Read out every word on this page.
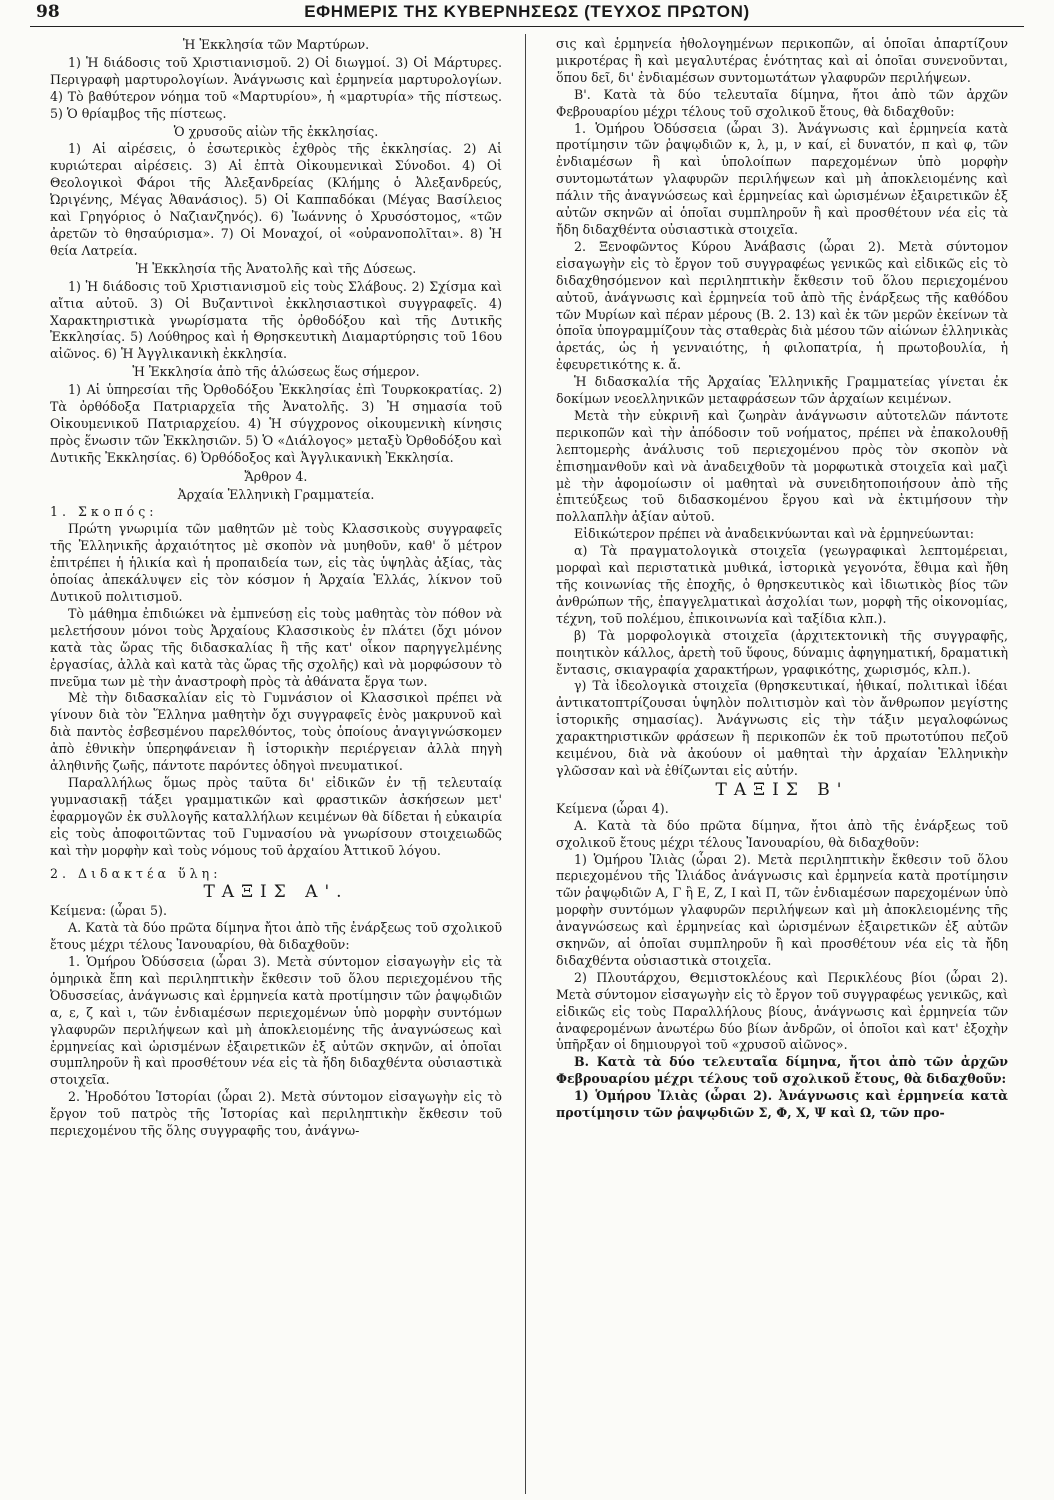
98	ΕΦΗΜΕΡΙΣ ΤΗΣ ΚΥΒΕΡΝΗΣΕΩΣ (ΤΕΥΧΟΣ ΠΡΩΤΟΝ)
Ἡ Ἐκκλησία τῶν Μαρτύρων.

1) Ἡ διάδοσις τοῦ Χριστιανισμοῦ. 2) Οἱ διωγμοί. 3) Οἱ Μάρτυρες. Περιγραφὴ μαρτυρολογίων. Ἀνάγνωσις καὶ ἑρμηνεία μαρτυρολογίων. 4) Τὸ βαθύτερον νόημα τοῦ «Μαρτυρίου», ἡ «μαρτυρία» τῆς πίστεως. 5) Ὁ θρίαμβος τῆς πίστεως.

Ὁ χρυσοῦς αἰὼν τῆς ἐκκλησίας.

1) Αἱ αἱρέσεις, ὁ ἐσωτερικὸς ἐχθρὸς τῆς ἐκκλησίας. 2) Αἱ κυριώτεραι αἱρέσεις. 3) Αἱ ἑπτὰ Οἰκουμενικαὶ Σύνοδοι. 4) Οἱ Θεολογικοὶ Φάροι τῆς Ἀλεξανδρείας (Κλήμης ὁ Ἀλεξανδρεύς, Ὠριγένης, Μέγας Ἀθανάσιος). 5) Οἱ Καππαδόκαι (Μέγας Βασίλειος καὶ Γρηγόριος ὁ Ναζιανζηνός). 6) Ἰωάννης ὁ Χρυσόστομος, «τῶν ἀρετῶν τὸ θησαύρισμα». 7) Οἱ Μοναχοί, οἱ «οὐρανοπολῖται». 8) Ἡ θεία Λατρεία.

Ἡ Ἐκκλησία τῆς Ἀνατολῆς καὶ τῆς Δύσεως.

1) Ἡ διάδοσις τοῦ Χριστιανισμοῦ εἰς τοὺς Σλάβους. 2) Σχίσμα καὶ αἴτια αὐτοῦ. 3) Οἱ Βυζαντινοὶ ἐκκλησιαστικοὶ συγγραφεῖς. 4) Χαρακτηριστικὰ γνωρίσματα τῆς ὀρθοδόξου καὶ τῆς Δυτικῆς Ἐκκλησίας. 5) Λούθηρος καὶ ἡ Θρησκευτικὴ Διαμαρτύρησις τοῦ 16ου αἰῶνος. 6) Ἡ Ἀγγλικανικὴ ἐκκλησία.

Ἡ Ἐκκλησία ἀπὸ τῆς ἁλώσεως ἕως σήμερον.

1) Αἱ ὑπηρεσίαι τῆς Ὀρθοδόξου Ἐκκλησίας ἐπὶ Τουρκοκρατίας. 2) Τὰ ὀρθόδοξα Πατριαρχεῖα τῆς Ἀνατολῆς. 3) Ἡ σημασία τοῦ Οἰκουμενικοῦ Πατριαρχείου. 4) Ἡ σύγχρονος οἰκουμενικὴ κίνησις πρὸς ἕνωσιν τῶν Ἐκκλησιῶν. 5) Ὁ «Διάλογος» μεταξὺ Ὀρθοδόξου καὶ Δυτικῆς Ἐκκλησίας. 6) Ὀρθόδοξος καὶ Ἀγγλικανικὴ Ἐκκλησία.

Ἄρθρον 4.
Ἀρχαία Ἑλληνικὴ Γραμματεία.
1. Σκοπός:

Πρώτη γνωριμία τῶν μαθητῶν μὲ τοὺς Κλασσικοὺς συγγραφεῖς τῆς Ἑλληνικῆς ἀρχαιότητος μὲ σκοπὸν νὰ μυηθοῦν, καθ' ὅ μέτρον ἐπιτρέπει ἡ ἡλικία καὶ ἡ προπαιδεία των, εἰς τὰς ὑψηλὰς ἀξίας, τὰς ὁποίας ἀπεκάλυψεν εἰς τὸν κόσμον ἡ Ἀρχαία Ἑλλάς, λίκνον τοῦ Δυτικοῦ πολιτισμοῦ.

Τὸ μάθημα ἐπιδιώκει νὰ ἐμπνεύσῃ εἰς τοὺς μαθητὰς τὸν πόθον νὰ μελετήσουν μόνοι τοὺς Ἀρχαίους Κλασσικοὺς ἐν πλάτει (ὄχι μόνον κατὰ τὰς ὥρας τῆς διδασκαλίας ἢ τῆς κατ' οἶκον παρηγγελμένης ἐργασίας, ἀλλὰ καὶ κατὰ τὰς ὥρας τῆς σχολῆς) καὶ νὰ μορφώσουν τὸ πνεῦμα των μὲ τὴν ἀναστροφὴ πρὸς τὰ ἀθάνατα ἔργα των.

Μὲ τὴν διδασκαλίαν εἰς τὸ Γυμνάσιον οἱ Κλασσικοὶ πρέπει νὰ γίνουν διὰ τὸν Ἕλληνα μαθητὴν ὄχι συγγραφεῖς ἑνὸς μακρυνοῦ καὶ διὰ παντὸς ἐσβεσμένου παρελθόντος, τοὺς ὁποίους ἀναγιγνώσκομεν ἀπὸ ἐθνικὴν ὑπερηφάνειαν ἢ ἱστορικὴν περιέργειαν ἀλλὰ πηγὴ ἀληθινῆς ζωῆς, πάντοτε παρόντες ὁδηγοὶ πνευματικοί.

Παραλλήλως ὅμως πρὸς ταῦτα δι' εἰδικῶν ἐν τῇ τελευταίᾳ γυμνασιακῇ τάξει γραμματικῶν καὶ φραστικῶν ἀσκήσεων μετ' ἐφαρμογῶν ἐκ συλλογῆς καταλλήλων κειμένων θὰ δίδεται ἡ εὐκαιρία εἰς τοὺς ἀποφοιτῶντας τοῦ Γυμνασίου νὰ γνωρίσουν στοιχειωδῶς καὶ τὴν μορφὴν καὶ τοὺς νόμους τοῦ ἀρχαίου Ἀττικοῦ λόγου.

2. Διδακτέα ὕλη:
ΤΑΞΙΣ Α'.

Κείμενα: (ὧραι 5).

Α. Κατὰ τὰ δύο πρῶτα δίμηνα ἤτοι ἀπὸ τῆς ἐνάρξεως τοῦ σχολικοῦ ἔτους μέχρι τέλους Ἰανουαρίου, θὰ διδαχθοῦν:

1. Ὁμήρου Ὀδύσσεια (ὧραι 3). Μετὰ σύντομον εἰσαγωγὴν εἰς τὰ ὁμηρικὰ ἔπη καὶ περιληπτικὴν ἔκθεσιν τοῦ ὅλου περιεχομένου τῆς Ὀδυσσείας, ἀνάγνωσις καὶ ἑρμηνεία κατὰ προτίμησιν τῶν ῥαψῳδιῶν α, ε, ζ καὶ ι, τῶν ἐνδιαμέσων περιεχομένων ὑπὸ μορφὴν συντόμων γλαφυρῶν περιλήψεων καὶ μὴ ἀποκλειομένης τῆς ἀναγνώσεως καὶ ἑρμηνείας καὶ ὡρισμένων ἐξαιρετικῶν ἐξ αὐτῶν σκηνῶν, αἱ ὁποῖαι συμπληροῦν ἢ καὶ προσθέτουν νέα εἰς τὰ ἤδη διδαχθέντα οὐσιαστικὰ στοιχεῖα.

2. Ἡροδότου Ἱστορίαι (ὧραι 2). Μετὰ σύντομον εἰσαγωγὴν εἰς τὸ ἔργον τοῦ πατρὸς τῆς Ἱστορίας καὶ περιληπτικὴν ἔκθεσιν τοῦ περιεχομένου τῆς ὅλης συγγραφῆς του, ἀνάγνω-

σις καὶ ἑρμηνεία ἠθολογημένων περικοπῶν, αἱ ὁποῖαι ἀπαρτίζουν μικροτέρας ἢ καὶ μεγαλυτέρας ἑνότητας καὶ αἱ ὁποῖαι συνενοῦνται, ὅπου δεῖ, δι' ἐνδιαμέσων συντομωτάτων γλαφυρῶν περιλήψεων.

Β'. Κατὰ τὰ δύο τελευταῖα δίμηνα, ἤτοι ἀπὸ τῶν ἀρχῶν Φεβρουαρίου μέχρι τέλους τοῦ σχολικοῦ ἔτους, θὰ διδαχθοῦν:

1. Ὁμήρου Ὀδύσσεια (ὧραι 3). Ἀνάγνωσις καὶ ἑρμηνεία κατὰ προτίμησιν τῶν ῥαψῳδιῶν κ, λ, μ, ν καί, εἰ δυνατόν, π καὶ φ, τῶν ἐνδιαμέσων ἢ καὶ ὑπολοίπων παρεχομένων ὑπὸ μορφὴν συντομωτάτων γλαφυρῶν περιλήψεων καὶ μὴ ἀποκλειομένης καὶ πάλιν τῆς ἀναγνώσεως καὶ ἑρμηνείας καὶ ὡρισμένων ἐξαιρετικῶν ἐξ αὐτῶν σκηνῶν αἱ ὁποῖαι συμπληροῦν ἢ καὶ προσθέτουν νέα εἰς τὰ ἤδη διδαχθέντα οὐσιαστικὰ στοιχεῖα.

2. Ξενοφῶντος Κύρου Ἀνάβασις (ὧραι 2). Μετὰ σύντομον εἰσαγωγὴν εἰς τὸ ἔργον τοῦ συγγραφέως γενικῶς καὶ εἰδικῶς εἰς τὸ διδαχθησόμενον καὶ περιληπτικὴν ἔκθεσιν τοῦ ὅλου περιεχομένου αὐτοῦ, ἀνάγνωσις καὶ ἑρμηνεία τοῦ ἀπὸ τῆς ἐνάρξεως τῆς καθόδου τῶν Μυρίων καὶ πέραν μέρους (Β. 2. 13) καὶ ἐκ τῶν μερῶν ἐκείνων τὰ ὁποῖα ὑπογραμμίζουν τὰς σταθερὰς διὰ μέσου τῶν αἰώνων ἑλληνικὰς ἀρετάς, ὡς ἡ γενναιότης, ἡ φιλοπατρία, ἡ πρωτοβουλία, ἡ ἐφευρετικότης κ. ἄ.

Ἡ διδασκαλία τῆς Ἀρχαίας Ἑλληνικῆς Γραμματείας γίνεται ἐκ δοκίμων νεοελληνικῶν μεταφράσεων τῶν ἀρχαίων κειμένων.

Μετὰ τὴν εὐκρινῆ καὶ ζωηρὰν ἀνάγνωσιν αὐτοτελῶν πάντοτε περικοπῶν καὶ τὴν ἀπόδοσιν τοῦ νοήματος, πρέπει νὰ ἐπακολουθῇ λεπτομερὴς ἀνάλυσις τοῦ περιεχομένου πρὸς τὸν σκοπὸν νὰ ἐπισημανθοῦν καὶ νὰ ἀναδειχθοῦν τὰ μορφωτικὰ στοιχεῖα καὶ μαζὶ μὲ τὴν ἀφομοίωσιν οἱ μαθηταὶ νὰ συνειδητοποιήσουν ἀπὸ τῆς ἐπιτεύξεως τοῦ διδασκομένου ἔργου καὶ νὰ ἐκτιμήσουν τὴν πολλαπλὴν ἀξίαν αὐτοῦ.

Εἰδικώτερον πρέπει νὰ ἀναδεικνύωνται καὶ νὰ ἑρμηνεύωνται:

α) Τὰ πραγματολογικὰ στοιχεῖα (γεωγραφικαὶ λεπτομέρειαι, μορφαὶ καὶ περιστατικὰ μυθικά, ἱστορικὰ γεγονότα, ἔθιμα καὶ ἤθη τῆς κοινωνίας τῆς ἐποχῆς, ὁ θρησκευτικὸς καὶ ἰδιωτικὸς βίος τῶν ἀνθρώπων τῆς, ἐπαγγελματικαὶ ἀσχολίαι των, μορφὴ τῆς οἰκονομίας, τέχνη, τοῦ πολέμου, ἐπικοινωνία καὶ ταξίδια κλπ.).

β) Τὰ μορφολογικὰ στοιχεῖα (ἀρχιτεκτονικὴ τῆς συγγραφῆς, ποιητικὸν κάλλος, ἀρετὴ τοῦ ὕφους, δύναμις ἀφηγηματική, δραματικὴ ἔντασις, σκιαγραφία χαρακτήρων, γραφικότης, χωρισμός, κλπ.).

γ) Τὰ ἰδεολογικὰ στοιχεῖα (θρησκευτικαί, ἠθικαί, πολιτικαὶ ἰδέαι ἀντικατοπτρίζουσαι ὑψηλὸν πολιτισμὸν καὶ τὸν ἄνθρωπον μεγίστης ἱστορικῆς σημασίας). Ἀνάγνωσις εἰς τὴν τάξιν μεγαλοφώνως χαρακτηριστικῶν φράσεων ἢ περικοπῶν ἐκ τοῦ πρωτοτύπου πεζοῦ κειμένου, διὰ νὰ ἀκούουν οἱ μαθηταὶ τὴν ἀρχαίαν Ἑλληνικὴν γλῶσσαν καὶ νὰ ἐθίζωνται εἰς αὐτήν.

ΤΑΞΙΣ Β'

Κείμενα (ὧραι 4).

Α. Κατὰ τὰ δύο πρῶτα δίμηνα, ἤτοι ἀπὸ τῆς ἐνάρξεως τοῦ σχολικοῦ ἔτους μέχρι τέλους Ἰανουαρίου, θὰ διδαχθοῦν:

1) Ὁμήρου Ἰλιὰς (ὧραι 2). Μετὰ περιληπτικὴν ἔκθεσιν τοῦ ὅλου περιεχομένου τῆς Ἰλιάδος ἀνάγνωσις καὶ ἑρμηνεία κατὰ προτίμησιν τῶν ῥαψῳδιῶν Α, Γ ἢ Ε, Ζ, Ι καὶ Π, τῶν ἐνδιαμέσων παρεχομένων ὑπὸ μορφὴν συντόμων γλαφυρῶν περιλήψεων καὶ μὴ ἀποκλειομένης τῆς ἀναγνώσεως καὶ ἑρμηνείας καὶ ὡρισμένων ἐξαιρετικῶν ἐξ αὐτῶν σκηνῶν, αἱ ὁποῖαι συμπληροῦν ἢ καὶ προσθέτουν νέα εἰς τὰ ἤδη διδαχθέντα οὐσιαστικὰ στοιχεῖα.

2) Πλουτάρχου, Θεμιστοκλέους καὶ Περικλέους βίοι (ὧραι 2). Μετὰ σύντομον εἰσαγωγὴν εἰς τὸ ἔργον τοῦ συγγραφέως γενικῶς, καὶ εἰδικῶς εἰς τοὺς Παραλλήλους βίους, ἀνάγνωσις καὶ ἑρμηνεία τῶν ἀναφερομένων ἀνωτέρω δύο βίων ἀνδρῶν, οἱ ὁποῖοι καὶ κατ' ἐξοχὴν ὑπῆρξαν οἱ δημιουργοὶ τοῦ «χρυσοῦ αἰῶνος».

Β. Κατὰ τὰ δύο τελευταῖα δίμηνα, ἤτοι ἀπὸ τῶν ἀρχῶν Φεβρουαρίου μέχρι τέλους τοῦ σχολικοῦ ἔτους, θὰ διδαχθοῦν:

1) Ὁμήρου Ἰλιὰς (ὧραι 2). Ἀνάγνωσις καὶ ἑρμηνεία κατὰ προτίμησιν τῶν ῥαψῳδιῶν Σ, Φ, Χ, Ψ καὶ Ω, τῶν προ-
